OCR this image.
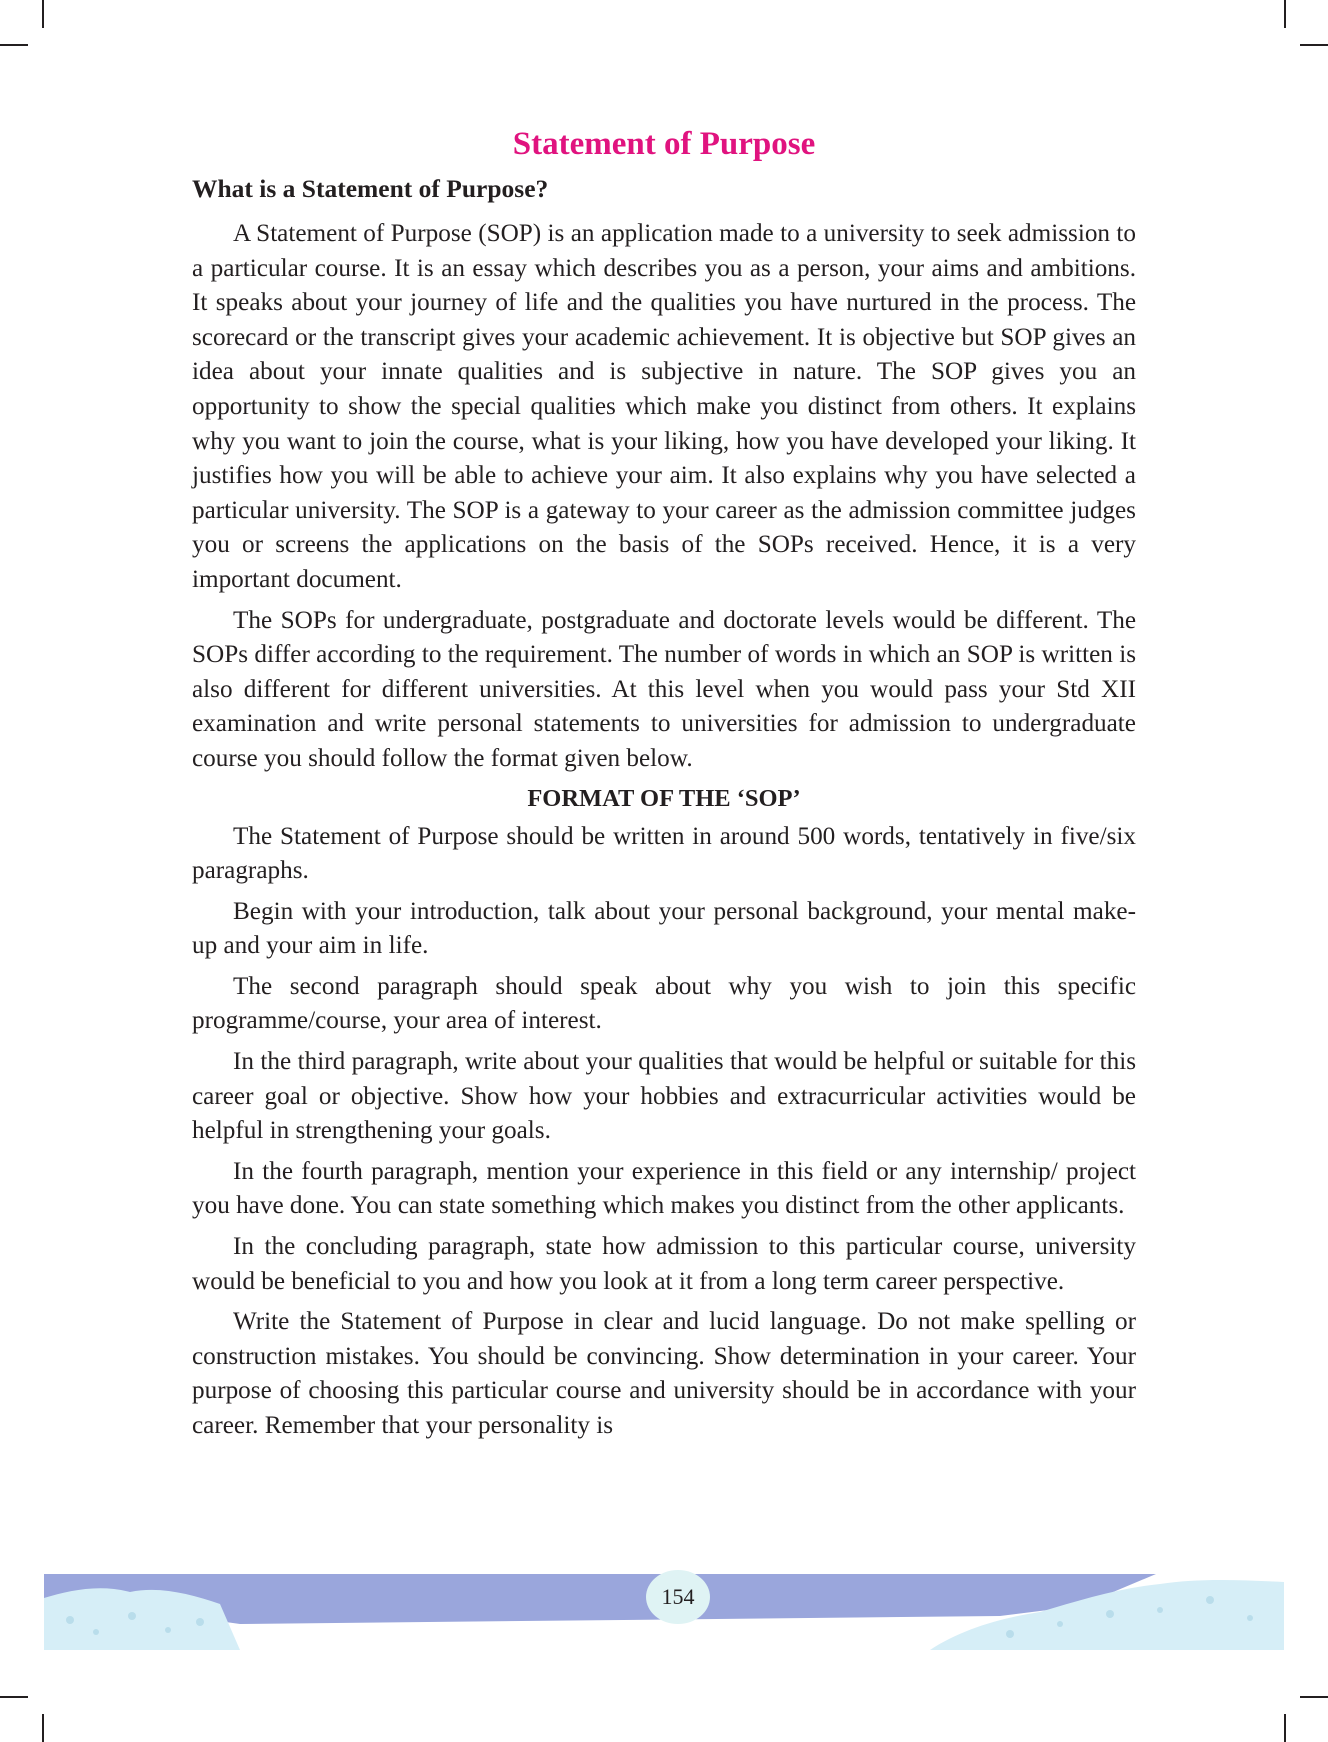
Statement of Purpose
What is a Statement of Purpose?

A Statement of Purpose (SOP) is an application made to a university to seek admission to a particular course. It is an essay which describes you as a person, your aims and ambitions. It speaks about your journey of life and the qualities you have nurtured in the process. The scorecard or the transcript gives your academic achievement. It is objective but SOP gives an idea about your innate qualities and is subjective in nature. The SOP gives you an opportunity to show the special qualities which make you distinct from others. It explains why you want to join the course, what is your liking, how you have developed your liking. It justifies how you will be able to achieve your aim. It also explains why you have selected a particular university. The SOP is a gateway to your career as the admission committee judges you or screens the applications on the basis of the SOPs received. Hence, it is a very important document.

The SOPs for undergraduate, postgraduate and doctorate levels would be different. The SOPs differ according to the requirement. The number of words in which an SOP is written is also different for different universities. At this level when you would pass your Std XII examination and write personal statements to universities for admission to undergraduate course you should follow the format given below.

FORMAT OF THE ‘SOP’

The Statement of Purpose should be written in around 500 words, tentatively in five/six paragraphs.

Begin with your introduction, talk about your personal background, your mental make-up and your aim in life.

The second paragraph should speak about why you wish to join this specific programme/course, your area of interest.

In the third paragraph, write about your qualities that would be helpful or suitable for this career goal or objective. Show how your hobbies and extracurricular activities would be helpful in strengthening your goals.

In the fourth paragraph, mention your experience in this field or any internship/ project you have done. You can state something which makes you distinct from the other applicants.

In the concluding paragraph, state how admission to this particular course, university would be beneficial to you and how you look at it from a long term career perspective.

Write the Statement of Purpose in clear and lucid language. Do not make spelling or construction mistakes. You should be convincing. Show determination in your career. Your purpose of choosing this particular course and university should be in accordance with your career. Remember that your personality is

154
